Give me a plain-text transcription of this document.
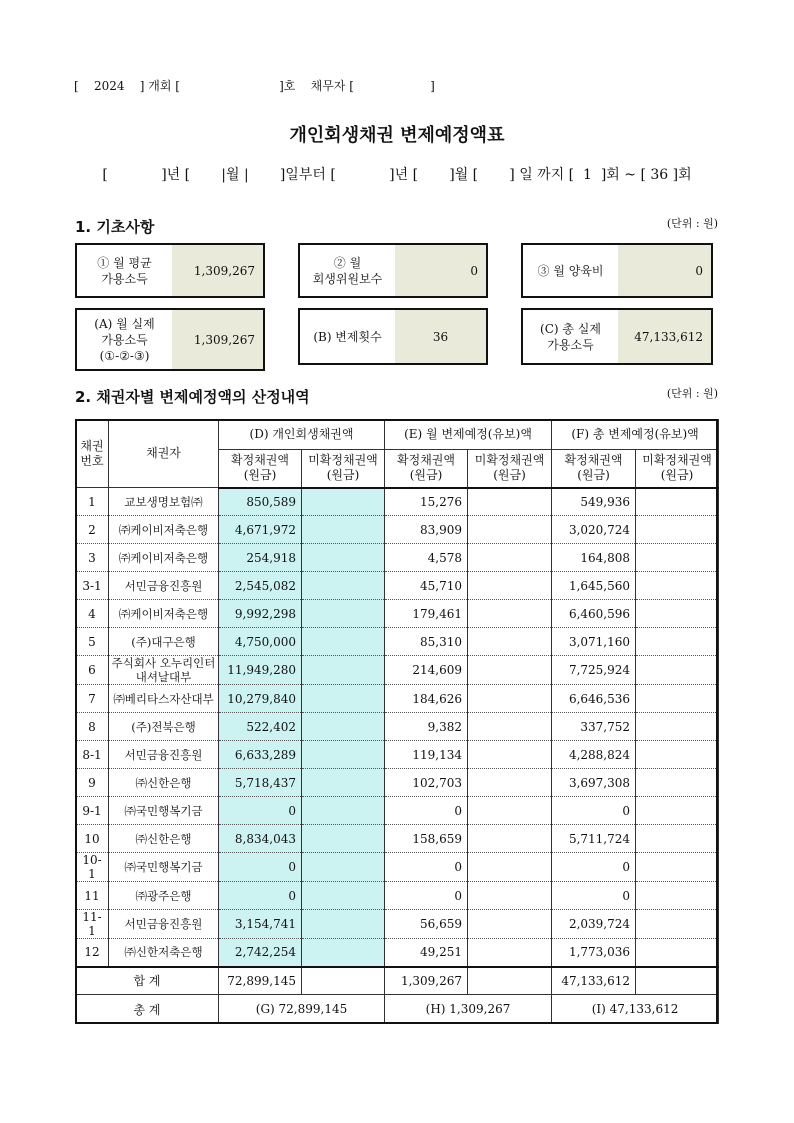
[    2024    ] 개회 [                          ]호    채무자 [                    ]
개인회생채권 변제예정액표
[            ]년 [       |월 |       ]일부터 [            ]년 [       ]월 [       ] 일 까지 [  1  ]회 ~ [ 36 ]회
1. 기초사항	(단위 : 원)
① 월 평균
가용소득
1,309,267
② 월
회생위원보수
0	③ 월 양육비	0
(A) 월 실제
가용소득
(①-②-③)
1,309,267	(B) 변제횟수	36
(C) 총 실제
가용소득
47,133,612
2. 채권자별 변제예정액의 산정내역	(단위 : 원)
채권
번호	채권자	(D) 개인회생채권액		(E) 월 변제예정(유보)액		(F) 총 변제예정(유보)액	
		확정채권액
(원금)	미확정채권액
(원금)	확정채권액
(원금)	미확정채권액
(원금)	확정채권액
(원금)	미확정채권액
(원금)
1	교보생명보험㈜	850,589		15,276		549,936	
2	㈜케이비저축은행	4,671,972		83,909		3,020,724	
3	㈜케이비저축은행	254,918		4,578		164,808	
3-1	서민금융진흥원	2,545,082		45,710		1,645,560	
4	㈜케이비저축은행	9,992,298		179,461		6,460,596	
5	(주)대구은행	4,750,000		85,310		3,071,160	
6	주식회사 오누리인터
내셔날대부	11,949,280		214,609		7,725,924	
7	㈜베리타스자산대부	10,279,840		184,626		6,646,536	
8	(주)전북은행	522,402		9,382		337,752	
8-1	서민금융진흥원	6,633,289		119,134		4,288,824	
9	㈜신한은행	5,718,437		102,703		3,697,308	
9-1	㈜국민행복기금	0		0		0	
10	㈜신한은행	8,834,043		158,659		5,711,724	
10-1	㈜국민행복기금	0		0		0	
11	㈜광주은행	0		0		0	
11-1	서민금융진흥원	3,154,741		56,659		2,039,724	
12	㈜신한저축은행	2,742,254		49,251		1,773,036	
합 계		72,899,145		1,309,267		47,133,612	
총 계		(G) 72,899,145		(H) 1,309,267		(I) 47,133,612	
